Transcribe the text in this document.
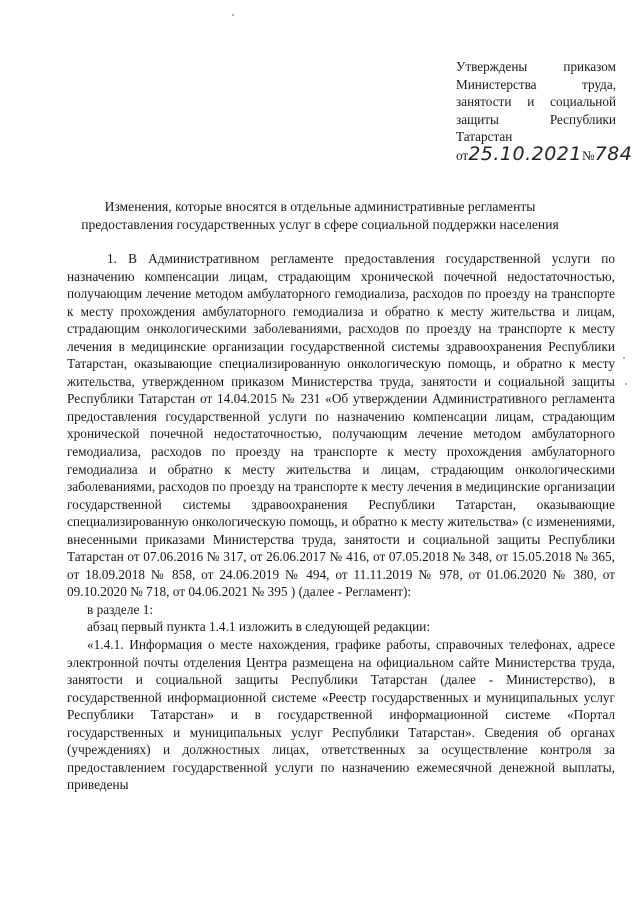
Утверждены приказом
Министерства труда,
занятости и социальной
защиты Республики
Татарстан
от25.10.2021№784
Изменения, которые вносятся в отдельные административные регламенты
предоставления государственных услуг в сфере социальной поддержки населения

1. В Административном регламенте предоставления государственной услуги по назначению компенсации лицам, страдающим хронической почечной недостаточностью, получающим лечение методом амбулаторного гемодиализа, расходов по проезду на транспорте к месту прохождения амбулаторного гемодиализа и обратно к месту жительства и лицам, страдающим онкологическими заболеваниями, расходов по проезду на транспорте к месту лечения в медицинские организации государственной системы здравоохранения Республики Татарстан, оказывающие специализированную онкологическую помощь, и обратно к месту жительства, утвержденном приказом Министерства труда, занятости и социальной защиты Республики Татарстан от 14.04.2015 № 231 «Об утверждении Административного регламента предоставления государственной услуги по назначению компенсации лицам, страдающим хронической почечной недостаточностью, получающим лечение методом амбулаторного гемодиализа, расходов по проезду на транспорте к месту прохождения амбулаторного гемодиализа и обратно к месту жительства и лицам, страдающим онкологическими заболеваниями, расходов по проезду на транспорте к месту лечения в медицинские организации государственной системы здравоохранения Республики Татарстан, оказывающие специализированную онкологическую помощь, и обратно к месту жительства» (с изменениями, внесенными приказами Министерства труда, занятости и социальной защиты Республики Татарстан от 07.06.2016 № 317, от 26.06.2017 № 416, от 07.05.2018 № 348, от 15.05.2018 № 365, от 18.09.2018 № 858, от 24.06.2019 № 494, от 11.11.2019 № 978, от 01.06.2020 № 380, от 09.10.2020 № 718, от 04.06.2021 № 395 ) (далее - Регламент):

в разделе 1:

абзац первый пункта 1.4.1 изложить в следующей редакции:

«1.4.1. Информация о месте нахождения, графике работы, справочных телефонах, адресе электронной почты отделения Центра размещена на официальном сайте Министерства труда, занятости и социальной защиты Республики Татарстан (далее - Министерство), в государственной информационной системе «Реестр государственных и муниципальных услуг Республики Татарстан» и в государственной информационной системе «Портал государственных и муниципальных услуг Республики Татарстан». Сведения об органах (учреждениях) и должностных лицах, ответственных за осуществление контроля за предоставлением государственной услуги по назначению ежемесячной денежной выплаты, приведены
